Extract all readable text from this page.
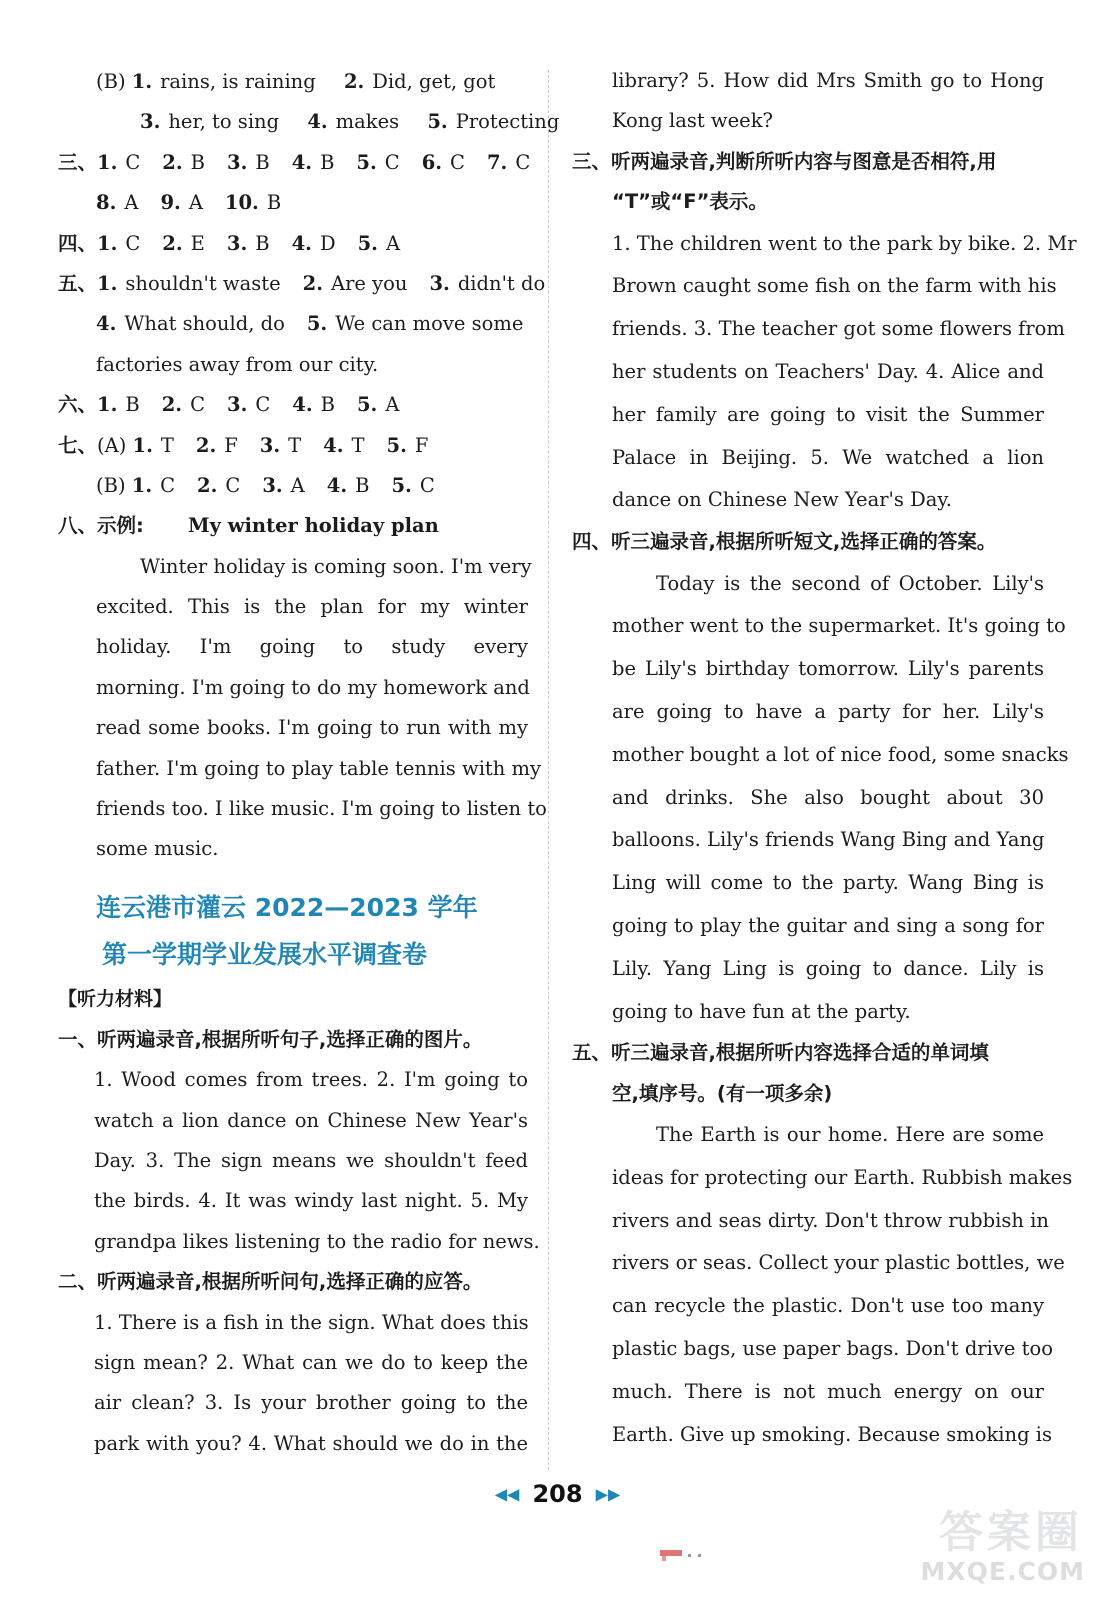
(B) 1. rains, is raining 2. Did, get, got
3. her, to sing 4. makes 5. Protecting
三、1. C 2. B 3. B 4. B 5. C 6. C 7. C
8. A 9. A 10. B
四、1. C 2. E 3. B 4. D 5. A
五、1. shouldn't waste 2. Are you 3. didn't do
4. What should, do 5. We can move some
factories away from our city.
六、1. B 2. C 3. C 4. B 5. A
七、(A) 1. T 2. F 3. T 4. T 5. F
(B) 1. C 2. C 3. A 4. B 5. C
八、示例: My winter holiday plan
Winter holiday is coming soon. I'm very
excited. This is the plan for my winter
holiday. I'm going to study every
morning. I'm going to do my homework and
read some books. I'm going to run with my
father. I'm going to play table tennis with my
friends too. I like music. I'm going to listen to
some music.
连云港市灌云 2022—2023 学年
第一学期学业发展水平调查卷
【听力材料】
一、听两遍录音,根据所听句子,选择正确的图片。
1. Wood comes from trees. 2. I'm going to
watch a lion dance on Chinese New Year's
Day. 3. The sign means we shouldn't feed
the birds. 4. It was windy last night. 5. My
grandpa likes listening to the radio for news.
二、听两遍录音,根据所听问句,选择正确的应答。
1. There is a fish in the sign. What does this
sign mean? 2. What can we do to keep the
air clean? 3. Is your brother going to the
park with you? 4. What should we do in the
library? 5. How did Mrs Smith go to Hong
Kong last week?
三、听两遍录音,判断所听内容与图意是否相符,用
“T”或“F”表示。
1. The children went to the park by bike. 2. Mr
Brown caught some fish on the farm with his
friends. 3. The teacher got some flowers from
her students on Teachers' Day. 4. Alice and
her family are going to visit the Summer
Palace in Beijing. 5. We watched a lion
dance on Chinese New Year's Day.
四、听三遍录音,根据所听短文,选择正确的答案。
Today is the second of October. Lily's
mother went to the supermarket. It's going to
be Lily's birthday tomorrow. Lily's parents
are going to have a party for her. Lily's
mother bought a lot of nice food, some snacks
and drinks. She also bought about 30
balloons. Lily's friends Wang Bing and Yang
Ling will come to the party. Wang Bing is
going to play the guitar and sing a song for
Lily. Yang Ling is going to dance. Lily is
going to have fun at the party.
五、听三遍录音,根据所听内容选择合适的单词填
空,填序号。(有一项多余)
The Earth is our home. Here are some
ideas for protecting our Earth. Rubbish makes
rivers and seas dirty. Don't throw rubbish in
rivers or seas. Collect your plastic bottles, we
can recycle the plastic. Don't use too many
plastic bags, use paper bags. Don't drive too
much. There is not much energy on our
Earth. Give up smoking. Because smoking is
◀◀ 208 ▶▶
答案圈
MXQE.COM
